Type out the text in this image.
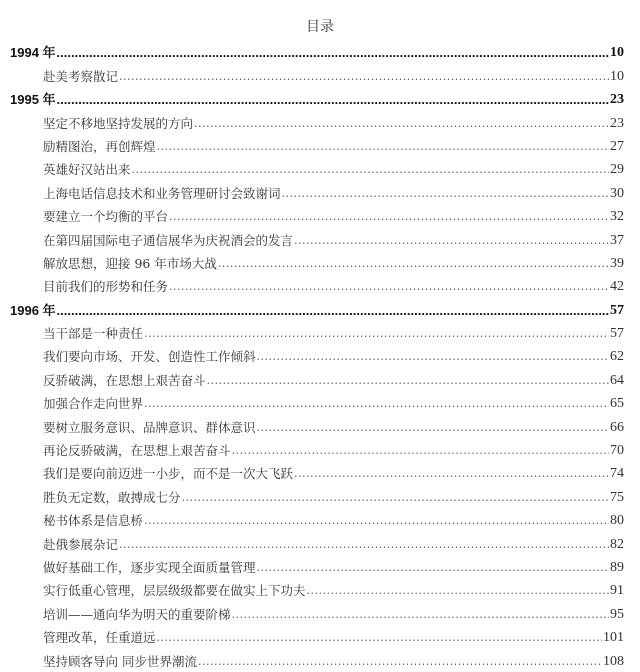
目录
1994 年 .....	10
赴美考察散记 .....	10
1995 年 .....	23
坚定不移地坚持发展的方向 .....	23
励精图治，再创辉煌 .....	27
英雄好汉站出来 .....	29
上海电话信息技术和业务管理研讨会致谢词 .....	30
要建立一个均衡的平台 .....	32
在第四届国际电子通信展华为庆祝酒会的发言 .....	37
解放思想，迎接 96 年市场大战 .....	39
目前我们的形势和任务 .....	42
1996 年 .....	57
当干部是一种责任 .....	57
我们要向市场、开发、创造性工作倾斜 .....	62
反骄破满，在思想上艰苦奋斗 .....	64
加强合作走向世界 .....	65
要树立服务意识、品牌意识、群体意识 .....	66
再论反骄破满，在思想上艰苦奋斗 .....	70
我们是要向前迈进一小步，而不是一次大飞跃 .....	74
胜负无定数，敢搏成七分 .....	75
秘书体系是信息桥 .....	80
赴俄参展杂记 .....	82
做好基础工作，逐步实现全面质量管理 .....	89
实行低重心管理，层层级级都要在做实上下功夫 .....	91
培训——通向华为明天的重要阶梯 .....	95
管理改革，任重道远 .....	101
坚持顾客导向 同步世界潮流 .....	108
